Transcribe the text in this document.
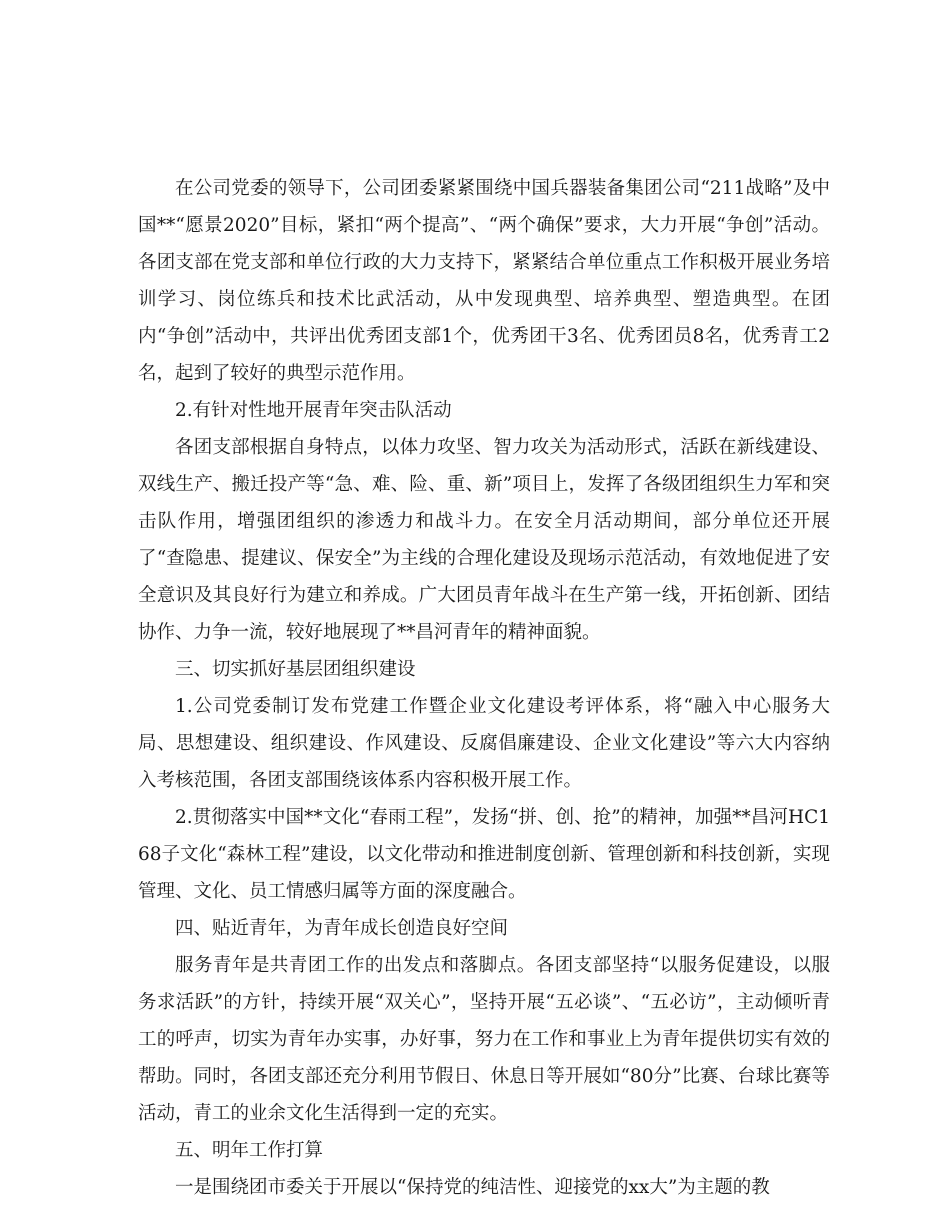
在公司党委的领导下，公司团委紧紧围绕中国兵器装备集团公司“211战略”及中国**“愿景2020”目标，紧扣“两个提高”、“两个确保”要求，大力开展“争创”活动。各团支部在党支部和单位行政的大力支持下，紧紧结合单位重点工作积极开展业务培训学习、岗位练兵和技术比武活动，从中发现典型、培养典型、塑造典型。在团内“争创”活动中，共评出优秀团支部1个，优秀团干3名、优秀团员8名，优秀青工2名，起到了较好的典型示范作用。

2.有针对性地开展青年突击队活动

各团支部根据自身特点，以体力攻坚、智力攻关为活动形式，活跃在新线建设、双线生产、搬迁投产等“急、难、险、重、新”项目上，发挥了各级团组织生力军和突击队作用，增强团组织的渗透力和战斗力。在安全月活动期间，部分单位还开展了“查隐患、提建议、保安全”为主线的合理化建设及现场示范活动，有效地促进了安全意识及其良好行为建立和养成。广大团员青年战斗在生产第一线，开拓创新、团结协作、力争一流，较好地展现了**昌河青年的精神面貌。

三、切实抓好基层团组织建设

1.公司党委制订发布党建工作暨企业文化建设考评体系，将“融入中心服务大局、思想建设、组织建设、作风建设、反腐倡廉建设、企业文化建设”等六大内容纳入考核范围，各团支部围绕该体系内容积极开展工作。

2.贯彻落实中国**文化“春雨工程”，发扬“拼、创、抢”的精神，加强**昌河HC168子文化“森林工程”建设，以文化带动和推进制度创新、管理创新和科技创新，实现管理、文化、员工情感归属等方面的深度融合。

四、贴近青年，为青年成长创造良好空间

服务青年是共青团工作的出发点和落脚点。各团支部坚持“以服务促建设，以服务求活跃”的方针，持续开展“双关心”，坚持开展“五必谈”、“五必访”，主动倾听青工的呼声，切实为青年办实事，办好事，努力在工作和事业上为青年提供切实有效的帮助。同时，各团支部还充分利用节假日、休息日等开展如“80分”比赛、台球比赛等活动，青工的业余文化生活得到一定的充实。

五、明年工作打算

一是围绕团市委关于开展以“保持党的纯洁性、迎接党的xx大”为主题的教
